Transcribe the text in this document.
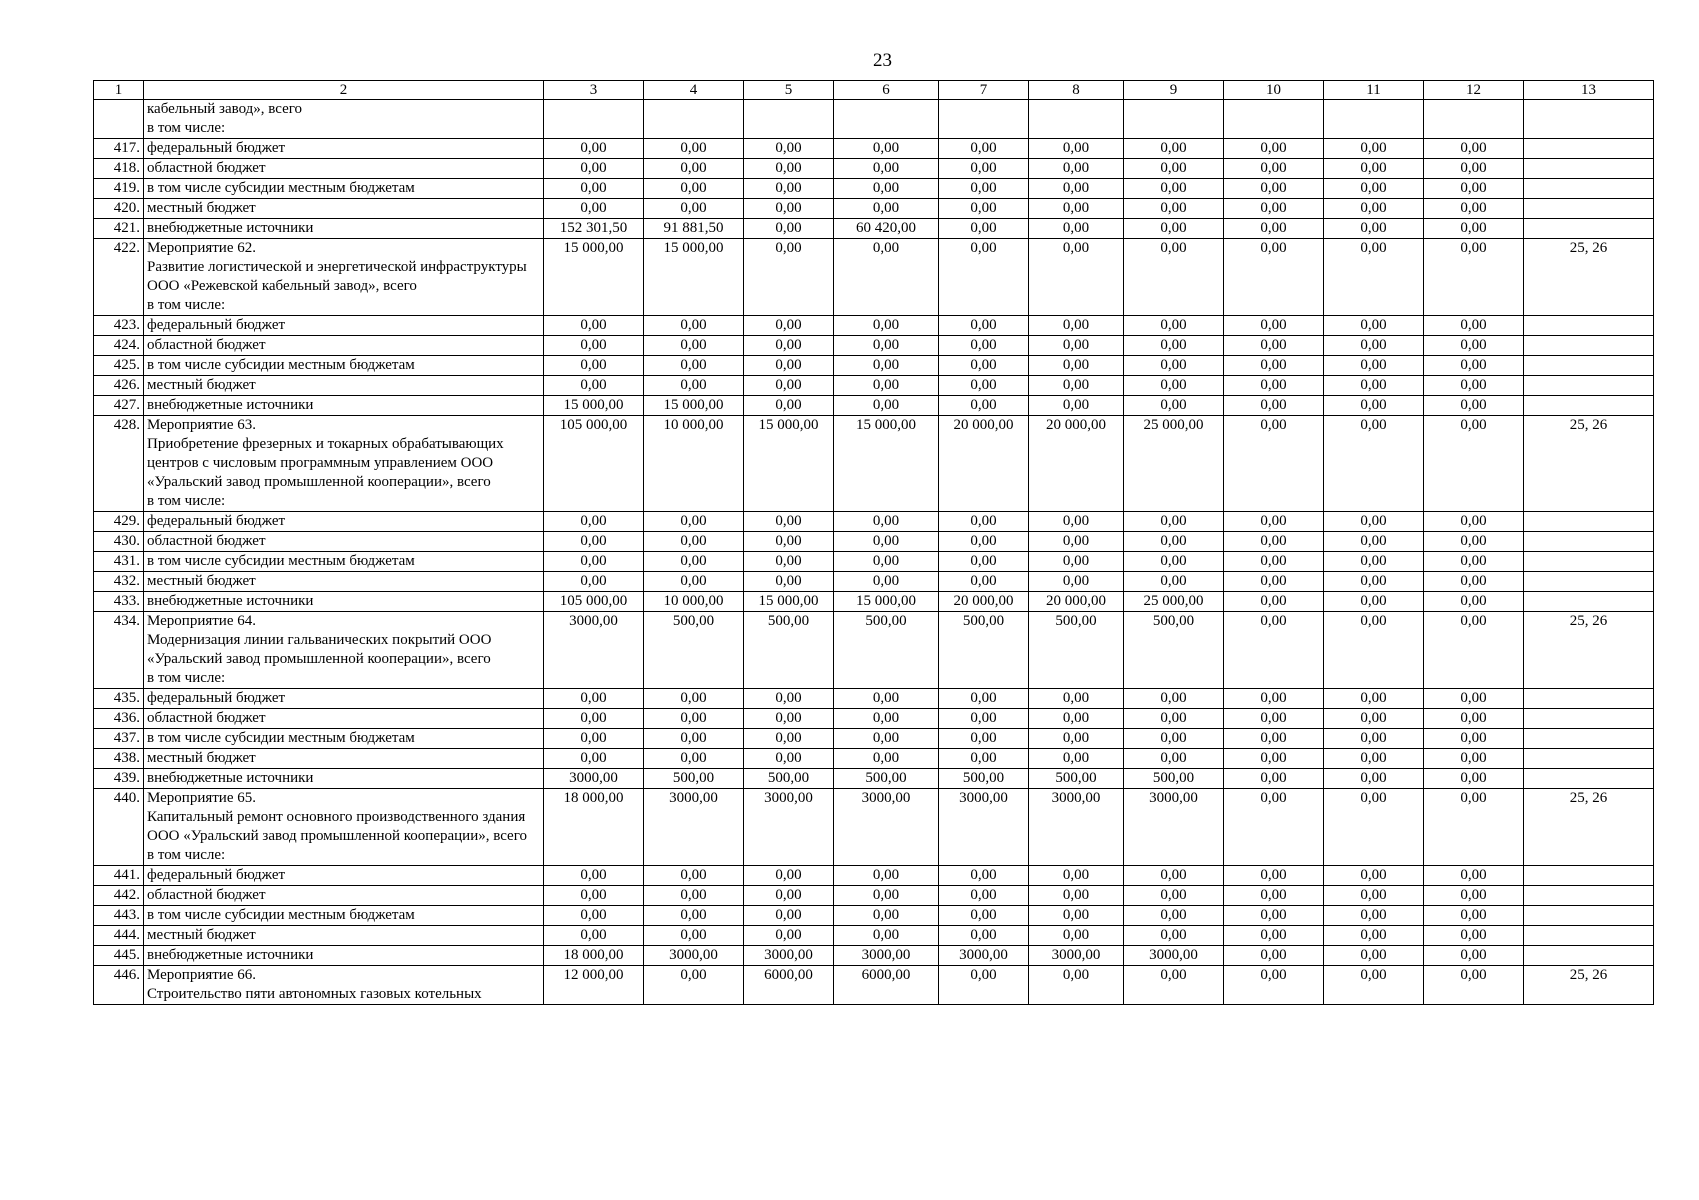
23
1	2	3	4	5	6	7	8	9	10	11	12	13
	кабельный завод», всего
в том числе:											
417.	федеральный бюджет	0,00	0,00	0,00	0,00	0,00	0,00	0,00	0,00	0,00	0,00	
418.	областной бюджет	0,00	0,00	0,00	0,00	0,00	0,00	0,00	0,00	0,00	0,00	
419.	в том числе субсидии местным бюджетам	0,00	0,00	0,00	0,00	0,00	0,00	0,00	0,00	0,00	0,00	
420.	местный бюджет	0,00	0,00	0,00	0,00	0,00	0,00	0,00	0,00	0,00	0,00	
421.	внебюджетные источники	152 301,50	91 881,50	0,00	60 420,00	0,00	0,00	0,00	0,00	0,00	0,00	
422.	Мероприятие 62.
Развитие логистической и энергетической инфраструктуры ООО «Режевской кабельный завод», всего
в том числе:	15 000,00	15 000,00	0,00	0,00	0,00	0,00	0,00	0,00	0,00	0,00	25, 26
423.	федеральный бюджет	0,00	0,00	0,00	0,00	0,00	0,00	0,00	0,00	0,00	0,00	
424.	областной бюджет	0,00	0,00	0,00	0,00	0,00	0,00	0,00	0,00	0,00	0,00	
425.	в том числе субсидии местным бюджетам	0,00	0,00	0,00	0,00	0,00	0,00	0,00	0,00	0,00	0,00	
426.	местный бюджет	0,00	0,00	0,00	0,00	0,00	0,00	0,00	0,00	0,00	0,00	
427.	внебюджетные источники	15 000,00	15 000,00	0,00	0,00	0,00	0,00	0,00	0,00	0,00	0,00	
428.	Мероприятие 63.
Приобретение фрезерных и токарных обрабатывающих центров с числовым программным управлением ООО «Уральский завод промышленной кооперации», всего
в том числе:	105 000,00	10 000,00	15 000,00	15 000,00	20 000,00	20 000,00	25 000,00	0,00	0,00	0,00	25, 26
429.	федеральный бюджет	0,00	0,00	0,00	0,00	0,00	0,00	0,00	0,00	0,00	0,00	
430.	областной бюджет	0,00	0,00	0,00	0,00	0,00	0,00	0,00	0,00	0,00	0,00	
431.	в том числе субсидии местным бюджетам	0,00	0,00	0,00	0,00	0,00	0,00	0,00	0,00	0,00	0,00	
432.	местный бюджет	0,00	0,00	0,00	0,00	0,00	0,00	0,00	0,00	0,00	0,00	
433.	внебюджетные источники	105 000,00	10 000,00	15 000,00	15 000,00	20 000,00	20 000,00	25 000,00	0,00	0,00	0,00	
434.	Мероприятие 64.
Модернизация линии гальванических покрытий ООО «Уральский завод промышленной кооперации», всего
в том числе:	3000,00	500,00	500,00	500,00	500,00	500,00	500,00	0,00	0,00	0,00	25, 26
435.	федеральный бюджет	0,00	0,00	0,00	0,00	0,00	0,00	0,00	0,00	0,00	0,00	
436.	областной бюджет	0,00	0,00	0,00	0,00	0,00	0,00	0,00	0,00	0,00	0,00	
437.	в том числе субсидии местным бюджетам	0,00	0,00	0,00	0,00	0,00	0,00	0,00	0,00	0,00	0,00	
438.	местный бюджет	0,00	0,00	0,00	0,00	0,00	0,00	0,00	0,00	0,00	0,00	
439.	внебюджетные источники	3000,00	500,00	500,00	500,00	500,00	500,00	500,00	0,00	0,00	0,00	
440.	Мероприятие 65.
Капитальный ремонт основного производственного здания ООО «Уральский завод промышленной кооперации», всего
в том числе:	18 000,00	3000,00	3000,00	3000,00	3000,00	3000,00	3000,00	0,00	0,00	0,00	25, 26
441.	федеральный бюджет	0,00	0,00	0,00	0,00	0,00	0,00	0,00	0,00	0,00	0,00	
442.	областной бюджет	0,00	0,00	0,00	0,00	0,00	0,00	0,00	0,00	0,00	0,00	
443.	в том числе субсидии местным бюджетам	0,00	0,00	0,00	0,00	0,00	0,00	0,00	0,00	0,00	0,00	
444.	местный бюджет	0,00	0,00	0,00	0,00	0,00	0,00	0,00	0,00	0,00	0,00	
445.	внебюджетные источники	18 000,00	3000,00	3000,00	3000,00	3000,00	3000,00	3000,00	0,00	0,00	0,00	
446.	Мероприятие 66.
Строительство пяти автономных газовых котельных	12 000,00	0,00	6000,00	6000,00	0,00	0,00	0,00	0,00	0,00	0,00	25, 26
